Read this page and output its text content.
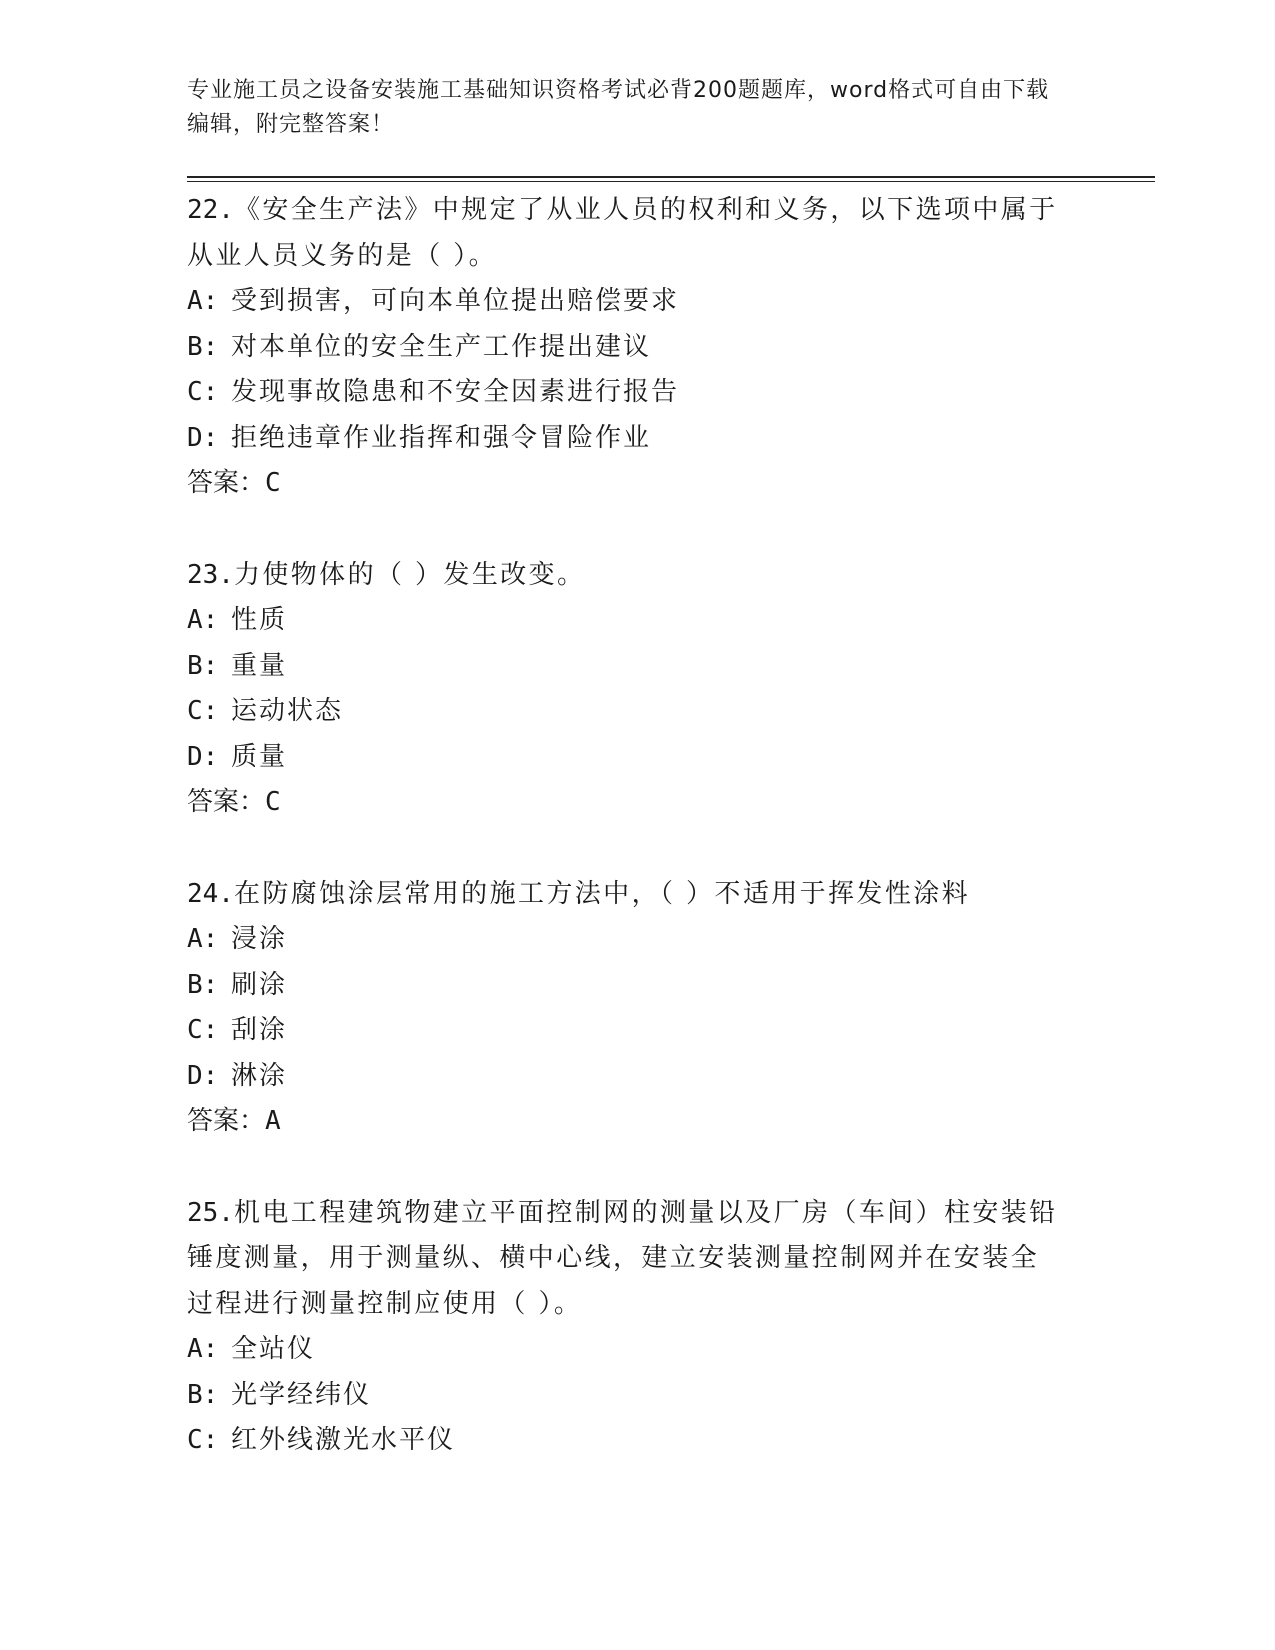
专业施工员之设备安装施工基础知识资格考试必背200题题库，word格式可自由下载编辑，附完整答案！
22.《安全生产法》中规定了从业人员的权利和义务，以下选项中属于从业人员义务的是（ ）。
A: 受到损害，可向本单位提出赔偿要求
B: 对本单位的安全生产工作提出建议
C: 发现事故隐患和不安全因素进行报告
D: 拒绝违章作业指挥和强令冒险作业
答案：C
23.力使物体的（ ）发生改变。
A: 性质
B: 重量
C: 运动状态
D: 质量
答案：C
24.在防腐蚀涂层常用的施工方法中，（ ）不适用于挥发性涂料
A: 浸涂
B: 刷涂
C: 刮涂
D: 淋涂
答案：A
25.机电工程建筑物建立平面控制网的测量以及厂房（车间）柱安装铅锤度测量，用于测量纵、横中心线，建立安装测量控制网并在安装全过程进行测量控制应使用（ ）。
A: 全站仪
B: 光学经纬仪
C: 红外线激光水平仪
